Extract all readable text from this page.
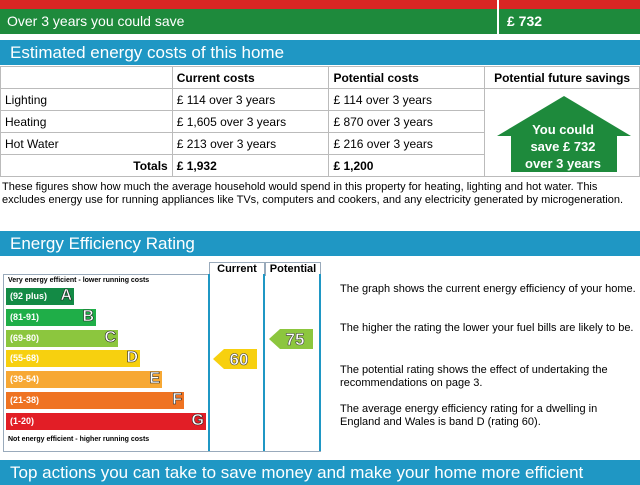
Over 3 years you could save	£ 732
Estimated energy costs of this home
	Current costs	Potential costs	Potential future savings
Lighting	£ 114 over 3 years	£ 114 over 3 years	
Heating	£ 1,605 over 3 years	£ 870 over 3 years	
Hot Water	£ 213 over 3 years	£ 216 over 3 years	
Totals	£ 1,932	£ 1,200	
You could
save £ 732
over 3 years
These figures show how much the average household would spend in this property for heating, lighting and hot water. This excludes energy use for running appliances like TVs, computers and cookers, and any electricity generated by microgeneration.
Energy Efficiency Rating
Current	Potential
Very energy efficient - lower running costs
Not energy efficient - higher running costs
(92 plus) A
(81-91)	B
(69-80)	C
(55-68)	D
(39-54)	E
(21-38)	F
(1-20)	G
60
75
The graph shows the current energy efficiency of your home.
The higher the rating the lower your fuel bills are likely to be.
The potential rating shows the effect of undertaking the recommendations on page 3.
The average energy efficiency rating for a dwelling in England and Wales is band D (rating 60).
Top actions you can take to save money and make your home more efficient
